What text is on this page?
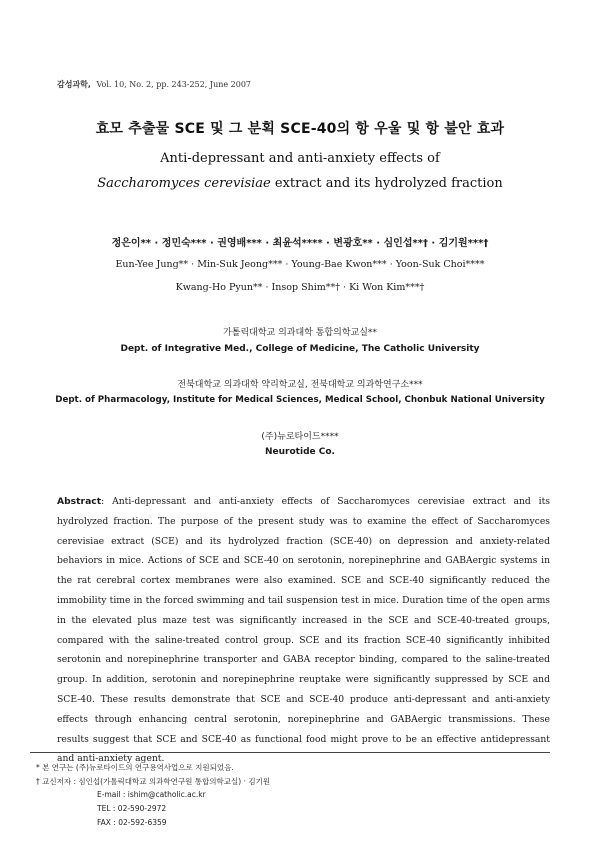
감성과학, Vol. 10, No. 2, pp. 243-252, June 2007
효모 추출물 SCE 및 그 분획 SCE-40의 항 우울 및 항 불안 효과
Anti-depressant and anti-anxiety effects of
Saccharomyces cerevisiae extract and its hydrolyzed fraction
정은이** · 정민숙*** · 권영배*** · 최윤석**** · 변광호** · 심인섭**† · 김기원***†
Eun-Yee Jung** · Min-Suk Jeong*** · Young-Bae Kwon*** · Yoon-Suk Choi****
Kwang-Ho Pyun** · Insop Shim**† · Ki Won Kim***†
가톨릭대학교 의과대학 통합의학교실**
Dept. of Integrative Med., College of Medicine, The Catholic University
전북대학교 의과대학 약리학교실, 전북대학교 의과학연구소***
Dept. of Pharmacology, Institute for Medical Sciences, Medical School, Chonbuk National University
(주)뉴로타이드****
Neurotide Co.
Abstract: Anti-depressant and anti-anxiety effects of Saccharomyces cerevisiae extract and its hydrolyzed fraction. The purpose of the present study was to examine the effect of Saccharomyces cerevisiae extract (SCE) and its hydrolyzed fraction (SCE-40) on depression and anxiety-related behaviors in mice. Actions of SCE and SCE-40 on serotonin, norepinephrine and GABAergic systems in the rat cerebral cortex membranes were also examined. SCE and SCE-40 significantly reduced the immobility time in the forced swimming and tail suspension test in mice. Duration time of the open arms in the elevated plus maze test was significantly increased in the SCE and SCE-40-treated groups, compared with the saline-treated control group. SCE and its fraction SCE-40 significantly inhibited serotonin and norepinephrine transporter and GABA receptor binding, compared to the saline-treated group. In addition, serotonin and norepinephrine reuptake were significantly suppressed by SCE and SCE-40. These results demonstrate that SCE and SCE-40 produce anti-depressant and anti-anxiety effects through enhancing central serotonin, norepinephrine and GABAergic transmissions. These results suggest that SCE and SCE-40 as functional food might prove to be an effective antidepressant and anti-anxiety agent.
* 본 연구는 (주)뉴로타이드의 연구용역사업으로 지원되었음.
† 교신저자 : 심인섭(가톨릭대학교 의과학연구원 통합의학교실) · 김기원
E-mail : ishim@catholic.ac.kr
TEL : 02-590-2972
FAX : 02-592-6359
